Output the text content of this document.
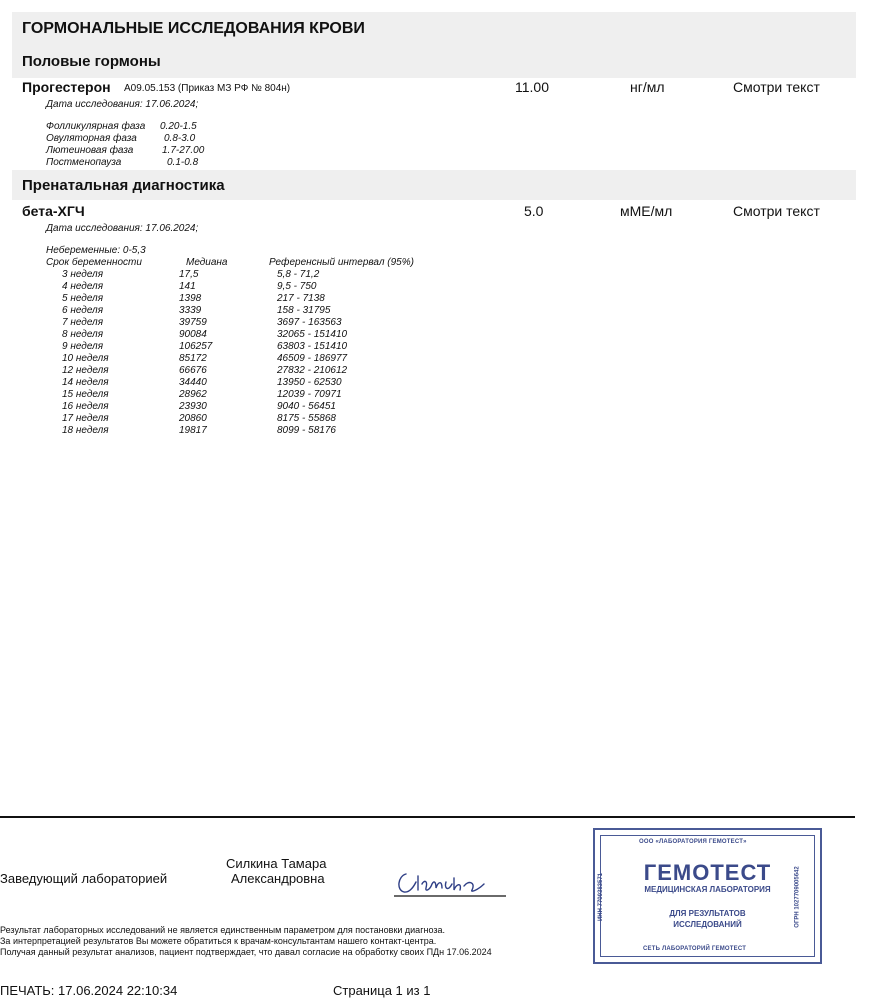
ГОРМОНАЛЬНЫЕ ИССЛЕДОВАНИЯ КРОВИ
Половые гормоны
Прогестерон A09.05.153 (Приказ МЗ РФ № 804н)	11.00	нг/мл	Смотри текст
Дата исследования: 17.06.2024;
Фолликулярная фаза 0.20-1.5
Овуляторная фаза	0.8-3.0
Лютеиновая фаза	1.7-27.00
Постменопауза	0.1-0.8
Пренатальная диагностика
бета-ХГЧ	5.0	мМЕ/мл	Смотри текст
Дата исследования: 17.06.2024;
Небеременные: 0-5,3
Срок беременности	Медиана	Референсный интервал (95%)
3 неделя	17,5	5,8 - 71,2
4 неделя	141	9,5 - 750
5 неделя	1398	217 - 7138
6 неделя	3339	158 - 31795
7 неделя	39759	3697 - 163563
8 неделя	90084	32065 - 151410
9 неделя	106257	63803 - 151410
10 неделя	85172	46509 - 186977
12 неделя	66676	27832 - 210612
14 неделя	34440	13950 - 62530
15 неделя	28962	12039 - 70971
16 неделя	23930	9040 - 56451
17 неделя	20860	8175 - 55868
18 неделя	19817	8099 - 58176
Заведующий лабораторией
Силкина Тамара
Александровна
Силкина
Результат лабораторных исследований не является единственным параметром для постановки диагноза.
За интерпретацией результатов Вы можете обратиться к врачам-консультантам нашего контакт-центра.
Получая данный результат анализов, пациент подтверждает, что давал согласие на обработку своих ПДн 17.06.2024
ПЕЧАТЬ: 17.06.2024 22:10:34	Страница 1 из 1
ООО «ЛАБОРАТОРИЯ ГЕМОТЕСТ»
ГЕМОТЕСТ
МЕДИЦИНСКАЯ ЛАБОРАТОРИЯ
ДЛЯ РЕЗУЛЬТАТОВ
ИССЛЕДОВАНИЙ
СЕТЬ ЛАБОРАТОРИЙ ГЕМОТЕСТ
ИНН 7709383571	ОГРН 1027709005642
